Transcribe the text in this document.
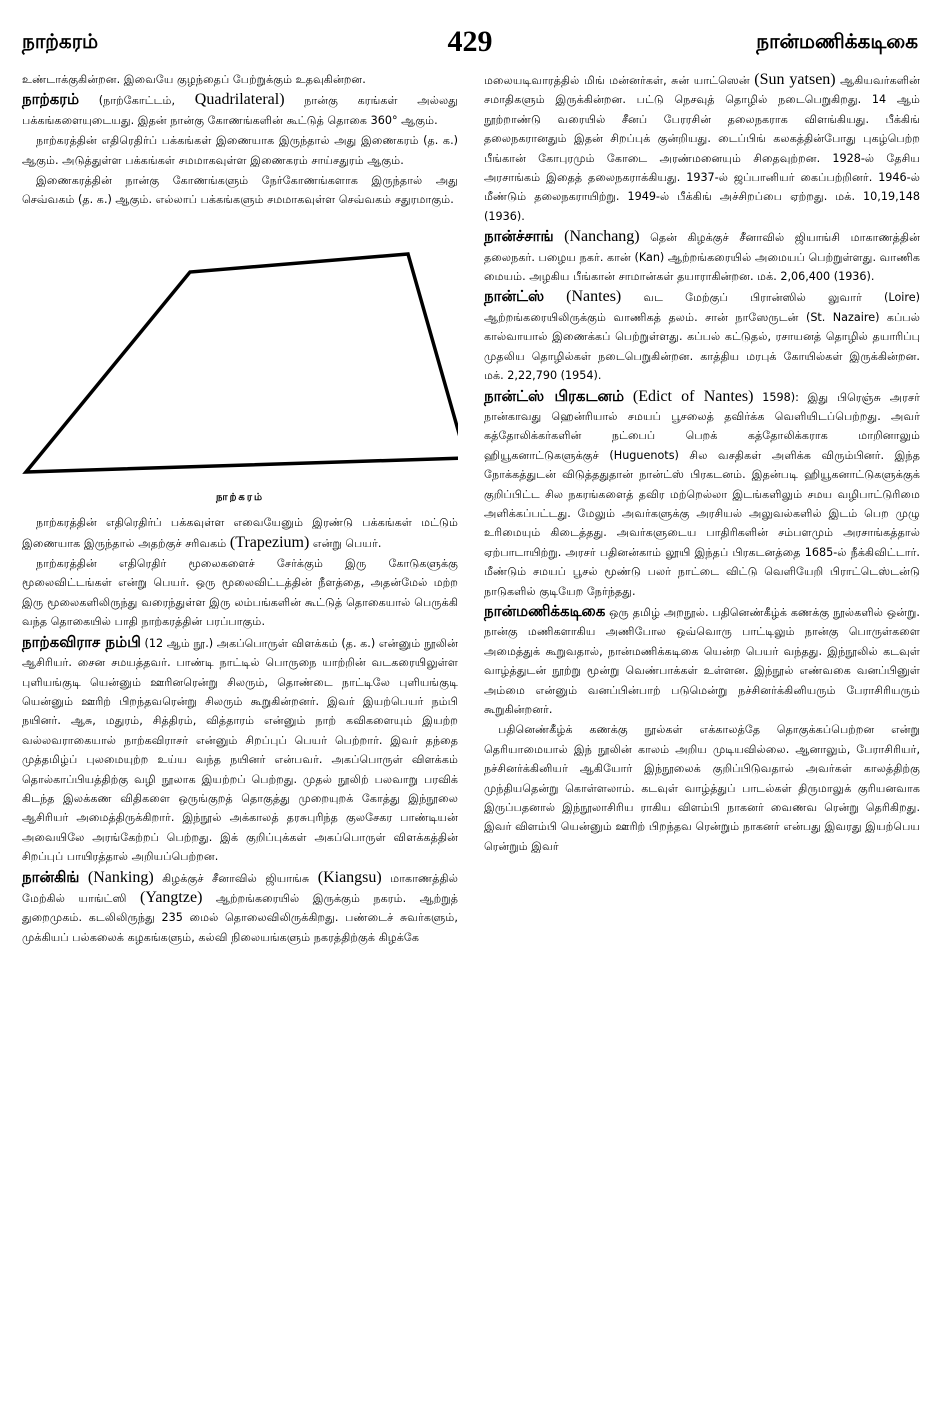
நாற்கரம்	429	நான்மணிக்கடிகை

உண்டாக்குகின்றன. இவையே குழந்தைப் பேற்றுக்கும் உதவுகின்றன.

நாற்கரம் (நாற்கோட்டம், Quadrilateral) நான்கு கரங்கள் அல்லது பக்கங்களையுடையது. இதன் நான்கு கோணங்களின் கூட்டுத் தொகை 360° ஆகும்.

நாற்கரத்தின் எதிரெதிர்ப் பக்கங்கள் இணையாக இருந்தால் அது இணைகரம் (த. க.) ஆகும். அடுத்துள்ள பக்கங்கள் சமமாகவுள்ள இணைகரம் சாய்சதுரம் ஆகும்.

இணைகரத்தின் நான்கு கோணங்களும் நேர்கோணங்களாக இருந்தால் அது செவ்வகம் (த. க.) ஆகும். எல்லாப் பக்கங்களும் சமமாகவுள்ள செவ்வகம் சதுரமாகும்.

நாற்கரம்

நாற்கரத்தின் எதிரெதிர்ப் பக்கவுள்ள எவையேனும் இரண்டு பக்கங்கள் மட்டும் இணையாக இருந்தால் அதற்குச் சரிவகம் (Trapezium) என்று பெயர்.

நாற்கரத்தின் எதிரெதிர் மூலைகளைச் சேர்க்கும் இரு கோடுகளுக்கு மூலைவிட்டங்கள் என்று பெயர். ஒரு மூலைவிட்டத்தின் நீளத்தை, அதன்மேல் மற்ற இரு மூலைகளிலிருந்து வரைந்துள்ள இரு லம்பங்களின் கூட்டுத் தொகையால் பெருக்கி வந்த தொகையில் பாதி நாற்கரத்தின் பரப்பாகும்.

நாற்கவிராச நம்பி (12 ஆம் நூ.) அகப்பொருள் விளக்கம் (த. க.) என்னும் நூலின் ஆசிரியர். சைன சமயத்தவர். பாண்டி நாட்டில் பொருநை யாற்றின் வடகரையிலுள்ள புளியங்குடி யென்னும் ஊரினரென்று சிலரும், தொண்டை நாட்டிலே புளியங்குடி யென்னும் ஊரிற் பிறந்தவரென்று சிலரும் கூறுகின்றனர். இவர் இயற்பெயர் நம்பி நயினர். ஆசு, மதுரம், சித்திரம், வித்தாரம் என்னும் நாற் கவிகளையும் இயற்ற வல்லவராகையால் நாற்கவிராசர் என்னும் சிறப்புப் பெயர் பெற்றார். இவர் தந்தை முத்தமிழ்ப் புலமையுற்ற உய்ய வந்த நயினர் என்பவர். அகப்பொருள் விளக்கம் தொல்காப்பியத்திற்கு வழி நூலாக இயற்றப் பெற்றது. முதல் நூலிற் பலவாறு பரவிக் கிடந்த இலக்கண விதிகளை ஒருங்குறத் தொகுத்து முறையுறக் கோத்து இந்நூலை ஆசிரியர் அமைத்திருக்கிறார். இந்நூல் அக்காலத் தரசுபுரிந்த குலசேகர பாண்டியன் அவையிலே அரங்கேற்றப் பெற்றது. இக் குறிப்புக்கள் அகப்பொருள் விளக்கத்தின் சிறப்புப் பாயிரத்தால் அறியப்பெற்றன.

நான்கிங் (Nanking) கிழக்குச் சீனாவில் ஜியாங்சு (Kiangsu) மாகாணத்தில் மேற்கில் யாங்ட்ஸி (Yangtze) ஆற்றங்கரையில் இருக்கும் நகரம். ஆற்றுத் துறைமுகம். கடலிலிருந்து 235 மைல் தொலைவிலிருக்கிறது. பண்டைச் சுவர்களும், முக்கியப் பல்கலைக் கழகங்களும், கல்வி நிலையங்களும் நகரத்திற்குக் கிழக்கே

மலையடிவாரத்தில் மிங் மன்னர்கள், சுன் யாட்ஸென் (Sun yatsen) ஆகியவர்களின் சமாதிகளும் இருக்கின்றன. பட்டு நெசவுத் தொழில் நடைபெறுகிறது. 14 ஆம் நூற்றாண்டு வரையில் சீனப் பேரரசின் தலைநகராக விளங்கியது. பீக்கிங் தலைநகரானதும் இதன் சிறப்புக் குன்றியது. டைப்பிங் கலகத்தின்போது புகழ்பெற்ற பீங்கான் கோபுரமும் கோடை அரண்மனையும் சிதைவுற்றன. 1928-ல் தேசிய அரசாங்கம் இதைத் தலைநகராக்கியது. 1937-ல் ஜப்பானியர் கைப்பற்றினர். 1946-ல் மீண்டும் தலைநகராயிற்று. 1949-ல் பீக்கிங் அச்சிறப்பை ஏற்றது. மக். 10,19,148 (1936).

நான்ச்சாங் (Nanchang) தென் கிழக்குச் சீனாவில் ஜியாங்சி மாகாணத்தின் தலைநகர். பழைய நகர். கான் (Kan) ஆற்றங்கரையில் அமையப் பெற்றுள்ளது. வாணிக மையம். அழகிய பீங்கான் சாமான்கள் தயாராகின்றன. மக். 2,06,400 (1936).

நான்ட்ஸ் (Nantes) வட மேற்குப் பிரான்ஸில் லுவார் (Loire) ஆற்றங்கரையிலிருக்கும் வாணிகத் தலம். சான் நாஸேருடன் (St. Nazaire) கப்பல் கால்வாயால் இணைக்கப் பெற்றுள்ளது. கப்பல் கட்டுதல், ரசாயனத் தொழில் தயாரிப்பு முதலிய தொழில்கள் நடைபெறுகின்றன. காத்திய மரபுக் கோயில்கள் இருக்கின்றன. மக். 2,22,790 (1954).

நான்ட்ஸ் பிரகடனம் (Edict of Nantes) 1598): இது பிரெஞ்சு அரசர் நான்காவது ஹென்ரியால் சமயப் பூசலைத் தவிர்க்க வெளியிடப்பெற்றது. அவர் கத்தோலிக்கர்களின் நட்பைப் பெறக் கத்தோலிக்கராக மாறினாலும் ஹியூகனாட்டுகளுக்குச் (Huguenots) சில வசதிகள் அளிக்க விரும்பினர். இந்த நோக்கத்துடன் விடுத்ததுதான் நான்ட்ஸ் பிரகடனம். இதன்படி ஹியூகனாட்டுகளுக்குக் குறிப்பிட்ட சில நகரங்களைத் தவிர மற்றெல்லா இடங்களிலும் சமய வழிபாட்டுரிமை அளிக்கப்பட்டது. மேலும் அவர்களுக்கு அரசியல் அலுவல்களில் இடம் பெற முழு உரிமையும் கிடைத்தது. அவர்களுடைய பாதிரிகளின் சம்பளமும் அரசாங்கத்தால் ஏற்பாடாயிற்று. அரசர் பதினன்காம் லூயி இந்தப் பிரகடனத்தை 1685-ல் நீக்கிவிட்டார். மீண்டும் சமயப் பூசல் மூண்டு பலர் நாட்டை விட்டு வெளியேறி பிராட்டெஸ்டன்டு நாடுகளில் குடியேற நேர்ந்தது.

நான்மணிக்கடிகை ஒரு தமிழ் அறநூல். பதினெண்கீழ்க் கணக்கு நூல்களில் ஒன்று. நான்கு மணிகளாகிய அணிபோல ஒவ்வொரு பாட்டிலும் நான்கு பொருள்களை அமைத்துக் கூறுவதால், நான்மணிக்கடிகை யென்ற பெயர் வந்தது. இந்நூலில் கடவுள் வாழ்த்துடன் நூற்று மூன்று வெண்பாக்கள் உள்ளன. இந்நூல் எண்வகை வனப்பினுள் அம்மை என்னும் வனப்பின்பாற் படுமென்று நச்சினர்க்கினியரும் பேராசிரியரும் கூறுகின்றனர்.

பதினெண்கீழ்க் கணக்கு நூல்கள் எக்காலத்தே தொகுக்கப்பெற்றன என்று தெரியாமையால் இந் நூலின் காலம் அறிய முடியவில்லை. ஆனாலும், பேராசிரியர், நச்சினர்க்கினியர் ஆகியோர் இந்நூலைக் குறிப்பிடுவதால் அவர்கள் காலத்திற்கு முந்தியதென்று கொள்ளலாம். கடவுள் வாழ்த்துப் பாடல்கள் திருமாலுக் குரியனவாக இருப்பதனால் இந்நூலாசிரிய ராகிய விளம்பி நாகனர் வைணவ ரென்று தெரிகிறது. இவர் விளம்பி யென்னும் ஊரிற் பிறந்தவ ரென்றும் நாகனர் என்பது இவரது இயற்பெய ரென்றும் இவர்
